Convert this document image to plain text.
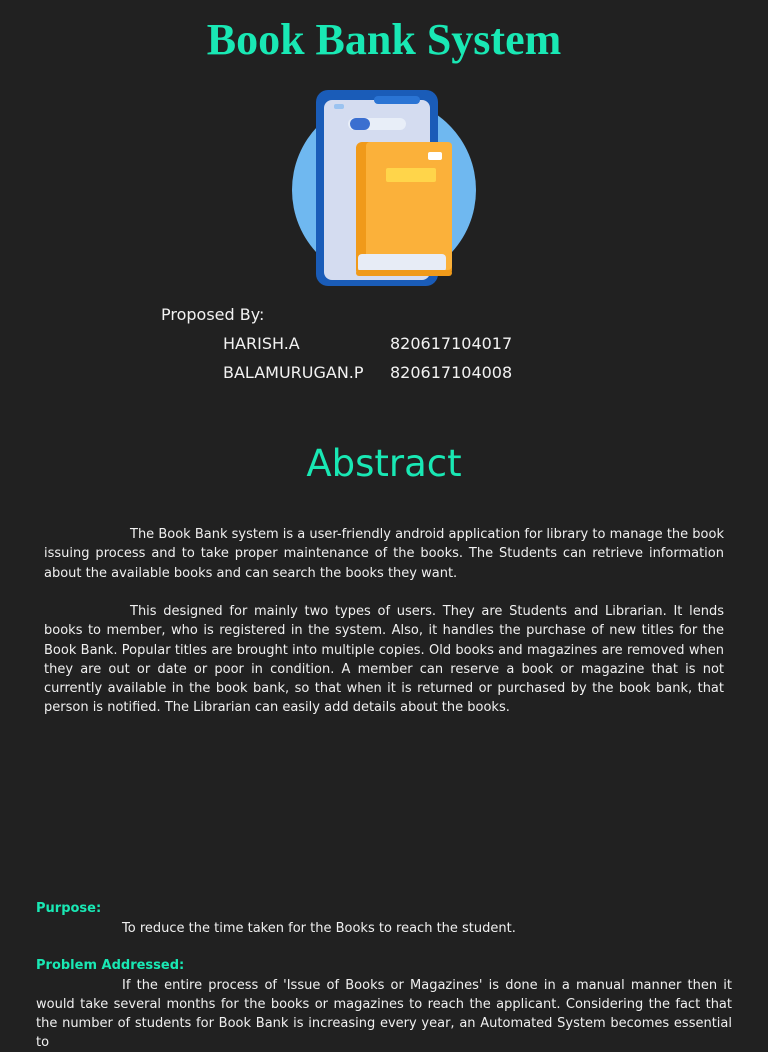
Book Bank System
Proposed By:
HARISH.A	820617104017
BALAMURUGAN.P 820617104008
Abstract

The Book Bank system is a user-friendly android application for library to manage the book issuing process and to take proper maintenance of the books. The Students can retrieve information about the available books and can search the books they want.

This designed for mainly two types of users. They are Students and Librarian. It lends books to member, who is registered in the system. Also, it handles the purchase of new titles for the Book Bank. Popular titles are brought into multiple copies. Old books and magazines are removed when they are out or date or poor in condition. A member can reserve a book or magazine that is not currently available in the book bank, so that when it is returned or purchased by the book bank, that person is notified. The Librarian can easily add details about the books.

Purpose:
To reduce the time taken for the Books to reach the student.
Problem Addressed:

If the entire process of 'Issue of Books or Magazines' is done in a manual manner then it would take several months for the books or magazines to reach the applicant. Considering the fact that the number of students for Book Bank is increasing every year, an Automated System becomes essential to
